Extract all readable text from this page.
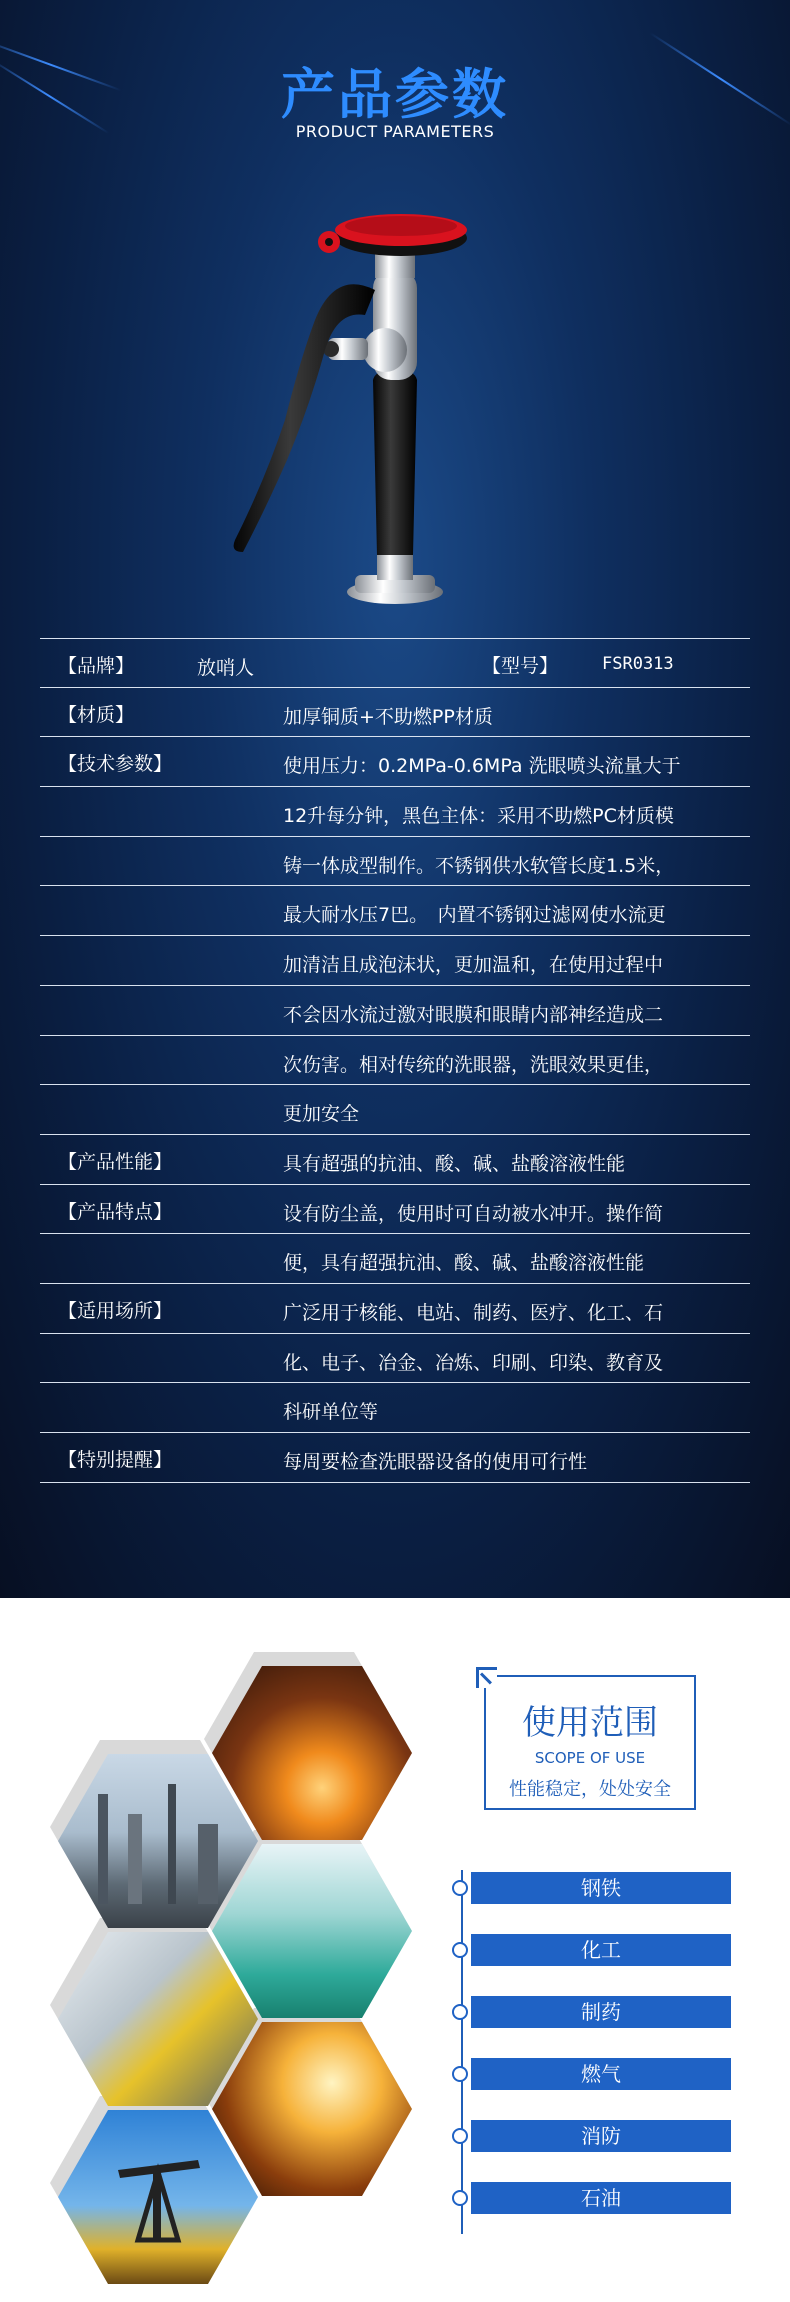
产品参数
PRODUCT PARAMETERS
【品牌】	放哨人	【型号】	FSR0313
【材质】	加厚铜质+不助燃PP材质
【技术参数】	使用压力：0.2MPa-0.6MPa 洗眼喷头流量大于
12升每分钟，黑色主体：采用不助燃PC材质模
铸一体成型制作。不锈钢供水软管长度1.5米，
最大耐水压7巴。　内置不锈钢过滤网使水流更
加清洁且成泡沫状，更加温和，在使用过程中
不会因水流过激对眼膜和眼睛内部神经造成二
次伤害。相对传统的洗眼器，洗眼效果更佳，
更加安全
【产品性能】	具有超强的抗油、酸、碱、盐酸溶液性能
【产品特点】	设有防尘盖，使用时可自动被水冲开。操作简
便，具有超强抗油、酸、碱、盐酸溶液性能
【适用场所】	广泛用于核能、电站、制药、医疗、化工、石
化、电子、冶金、冶炼、印刷、印染、教育及
科研单位等
【特别提醒】	每周要检查洗眼器设备的使用可行性
使用范围
SCOPE OF USE
性能稳定，处处安全
钢铁
化工
制药
燃气
消防
石油
